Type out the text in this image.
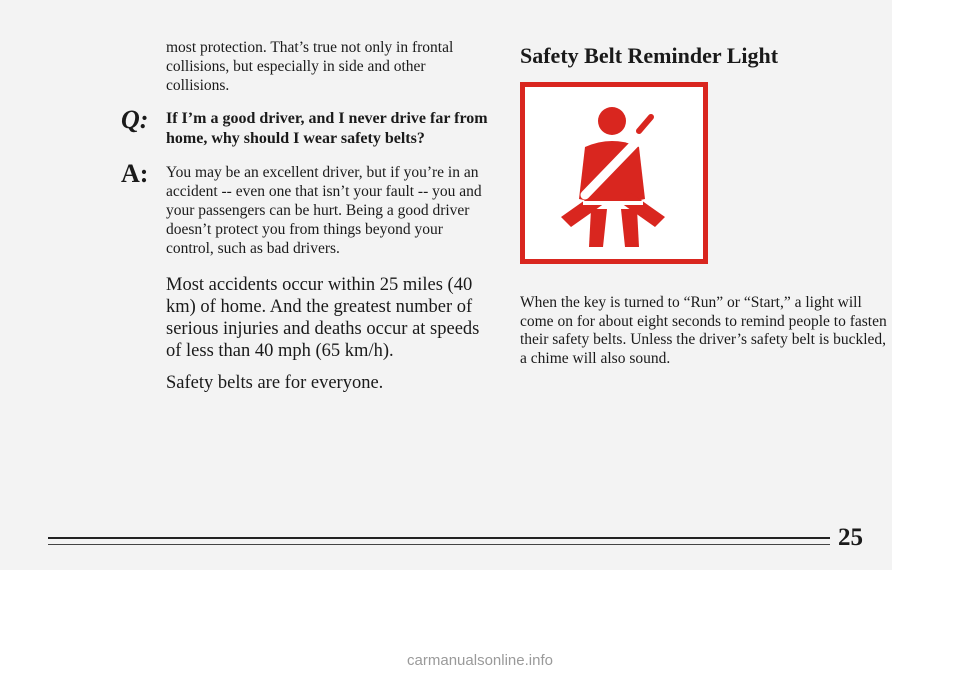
most protection. That’s true not only in frontal collisions, but especially in side and other collisions.

Q: If I’m a good driver, and I never drive far from home, why should I wear safety belts?

A: You may be an excellent driver, but if you’re in an accident -- even one that isn’t your fault -- you and your passengers can be hurt. Being a good driver doesn’t protect you from things beyond your control, such as bad drivers.

Most accidents occur within 25 miles (40 km) of home. And the greatest number of serious injuries and deaths occur at speeds of less than 40 mph (65 km/h).

Safety belts are for everyone.

Safety Belt Reminder Light

When the key is turned to “Run” or “Start,” a light will come on for about eight seconds to remind people to fasten their safety belts. Unless the driver’s safety belt is buckled, a chime will also sound.

25
carmanualsonline.info
